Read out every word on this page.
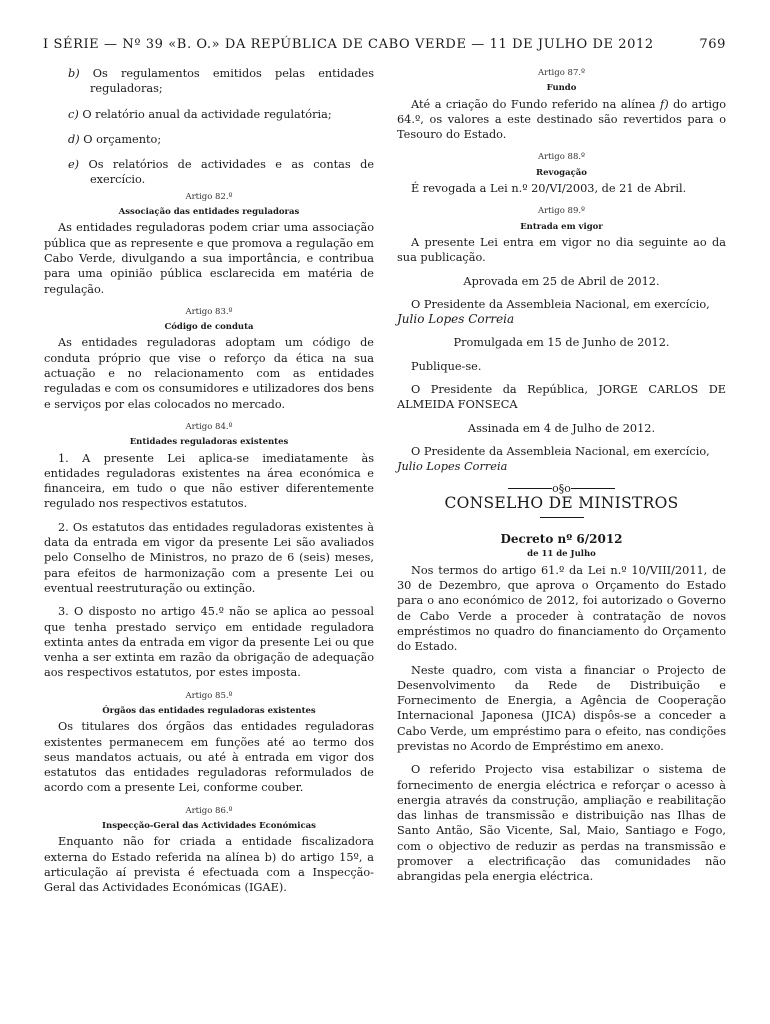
I SÉRIE — Nº 39 «B. O.» DA REPÚBLICA DE CABO VERDE — 11 DE JULHO DE 2012	769

b) Os regulamentos emitidos pelas entidades reguladoras;

c) O relatório anual da actividade regulatória;

d) O orçamento;

e) Os relatórios de actividades e as contas de exercício.

Artigo 82.º

Associação das entidades reguladoras

As entidades reguladoras podem criar uma associação pública que as represente e que promova a regulação em Cabo Verde, divulgando a sua importância, e contribua para uma opinião pública esclarecida em matéria de regulação.

Artigo 83.º

Código de conduta

As entidades reguladoras adoptam um código de conduta próprio que vise o reforço da ética na sua actuação e no relacionamento com as entidades reguladas e com os consumidores e utilizadores dos bens e serviços por elas colocados no mercado.

Artigo 84.º

Entidades reguladoras existentes

1. A presente Lei aplica-se imediatamente às entidades reguladoras existentes na área económica e financeira, em tudo o que não estiver diferentemente regulado nos respectivos estatutos.

2. Os estatutos das entidades reguladoras existentes à data da entrada em vigor da presente Lei são avaliados pelo Conselho de Ministros, no prazo de 6 (seis) meses, para efeitos de harmonização com a presente Lei ou eventual reestruturação ou extinção.

3. O disposto no artigo 45.º não se aplica ao pessoal que tenha prestado serviço em entidade reguladora extinta antes da entrada em vigor da presente Lei ou que venha a ser extinta em razão da obrigação de adequação aos respectivos estatutos, por estes imposta.

Artigo 85.º

Órgãos das entidades reguladoras existentes

Os titulares dos órgãos das entidades reguladoras existentes permanecem em funções até ao termo dos seus mandatos actuais, ou até à entrada em vigor dos estatutos das entidades reguladoras reformulados de acordo com a presente Lei, conforme couber.

Artigo 86.º

Inspecção-Geral das Actividades Económicas

Enquanto não for criada a entidade fiscalizadora externa do Estado referida na alínea b) do artigo 15º, a articulação aí prevista é efectuada com a Inspecção-Geral das Actividades Económicas (IGAE).

Artigo 87.º

Fundo

Até a criação do Fundo referido na alínea f) do artigo 64.º, os valores a este destinado são revertidos para o Tesouro do Estado.

Artigo 88.º

Revogação

É revogada a Lei n.º 20/VI/2003, de 21 de Abril.

Artigo 89.º

Entrada em vigor

A presente Lei entra em vigor no dia seguinte ao da sua publicação.

Aprovada em 25 de Abril de 2012.

O Presidente da Assembleia Nacional, em exercício,

Julio Lopes Correia

Promulgada em 15 de Junho de 2012.

Publique-se.

O Presidente da República, JORGE CARLOS DE ALMEIDA FONSECA

Assinada em 4 de Julho de 2012.

O Presidente da Assembleia Nacional, em exercício,

Julio Lopes Correia

o§o

CONSELHO DE MINISTROS

Decreto nº 6/2012

de 11 de Julho

Nos termos do artigo 61.º da Lei n.º 10/VIII/2011, de 30 de Dezembro, que aprova o Orçamento do Estado para o ano económico de 2012, foi autorizado o Governo de Cabo Verde a proceder à contratação de novos empréstimos no quadro do financiamento do Orçamento do Estado.

Neste quadro, com vista a financiar o Projecto de Desenvolvimento da Rede de Distribuição e Fornecimento de Energia, a Agência de Cooperação Internacional Japonesa (JICA) dispôs-se a conceder a Cabo Verde, um empréstimo para o efeito, nas condições previstas no Acordo de Empréstimo em anexo.

O referido Projecto visa estabilizar o sistema de fornecimento de energia eléctrica e reforçar o acesso à energia através da construção, ampliação e reabilitação das linhas de transmissão e distribuição nas Ilhas de Santo Antão, São Vicente, Sal, Maio, Santiago e Fogo, com o objectivo de reduzir as perdas na transmissão e promover a electrificação das comunidades não abrangidas pela energia eléctrica.
